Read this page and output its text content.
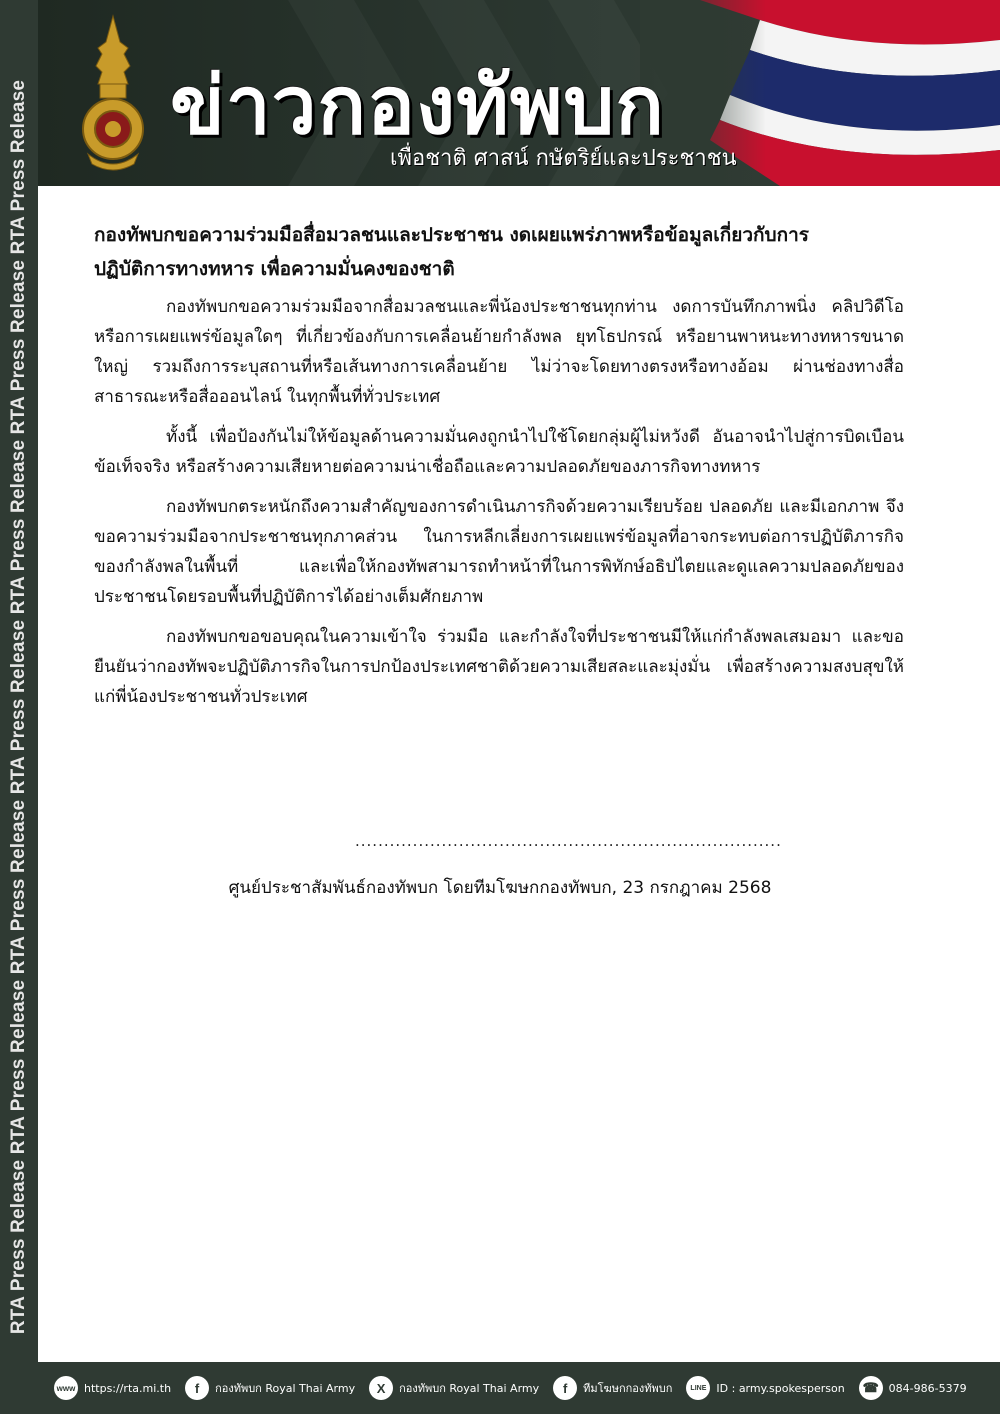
RTA Press Release RTA Press Release RTA Press Release RTA Press Release RTA Press Release RTA Press Release RTA Press Release ข่าวกองทัพบก
เพื่อชาติ ศาสน์ กษัตริย์และประชาชน
กองทัพบกขอความร่วมมือสื่อมวลชนและประชาชน งดเผยแพร่ภาพหรือข้อมูลเกี่ยวกับการ
ปฏิบัติการทางทหาร เพื่อความมั่นคงของชาติ

กองทัพบกขอความร่วมมือจากสื่อมวลชนและพี่น้องประชาชนทุกท่าน งดการบันทึกภาพนิ่ง คลิปวิดีโอ หรือการเผยแพร่ข้อมูลใดๆ ที่เกี่ยวข้องกับการเคลื่อนย้ายกำลังพล ยุทโธปกรณ์ หรือยานพาหนะทางทหารขนาดใหญ่ รวมถึงการระบุสถานที่หรือเส้นทางการเคลื่อนย้าย ไม่ว่าจะโดยทางตรงหรือทางอ้อม ผ่านช่องทางสื่อสาธารณะหรือสื่อออนไลน์ ในทุกพื้นที่ทั่วประเทศ

ทั้งนี้ เพื่อป้องกันไม่ให้ข้อมูลด้านความมั่นคงถูกนำไปใช้โดยกลุ่มผู้ไม่หวังดี อันอาจนำไปสู่การบิดเบือนข้อเท็จจริง หรือสร้างความเสียหายต่อความน่าเชื่อถือและความปลอดภัยของภารกิจทางทหาร

กองทัพบกตระหนักถึงความสำคัญของการดำเนินภารกิจด้วยความเรียบร้อย ปลอดภัย และมีเอกภาพ จึงขอความร่วมมือจากประชาชนทุกภาคส่วน ในการหลีกเลี่ยงการเผยแพร่ข้อมูลที่อาจกระทบต่อการปฏิบัติภารกิจของกำลังพลในพื้นที่ และเพื่อให้กองทัพสามารถทำหน้าที่ในการพิทักษ์อธิปไตยและดูแลความปลอดภัยของประชาชนโดยรอบพื้นที่ปฏิบัติการได้อย่างเต็มศักยภาพ

กองทัพบกขอขอบคุณในความเข้าใจ ร่วมมือ และกำลังใจที่ประชาชนมีให้แก่กำลังพลเสมอมา และขอยืนยันว่ากองทัพจะปฏิบัติภารกิจในการปกป้องประเทศชาติด้วยความเสียสละและมุ่งมั่น เพื่อสร้างความสงบสุขให้แก่พี่น้องประชาชนทั่วประเทศ

..........................................................................
ศูนย์ประชาสัมพันธ์กองทัพบก โดยทีมโฆษกกองทัพบก, 23 กรกฎาคม 2568
www https://rta.mi.th	f	กองทัพบก Royal Thai Army	X	กองทัพบก Royal Thai Army	f	ทีมโฆษกกองทัพบก	LINE ID : army.spokesperson ☎ 084-986-5379
